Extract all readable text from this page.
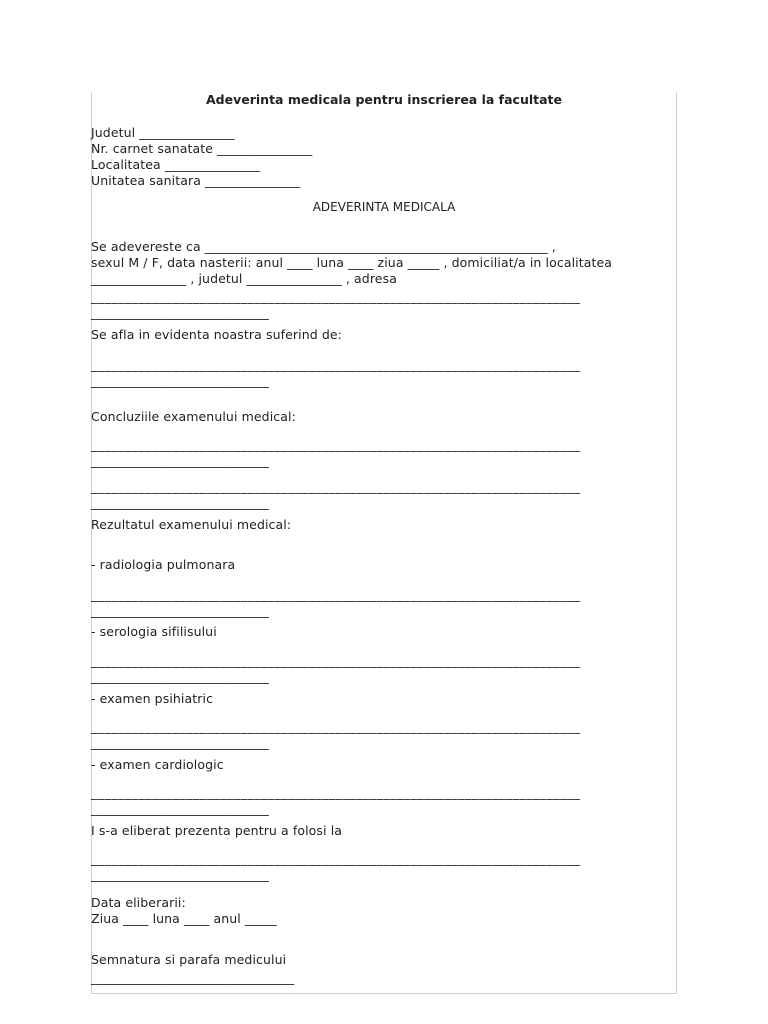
Adeverinta medicala pentru inscrierea la facultate
Judetul _______________
Nr. carnet sanatate _______________
Localitatea _______________
Unitatea sanitara _______________
ADEVERINTA MEDICALA
Se adevereste ca ______________________________________________________ ,
sexul M / F, data nasterii: anul ____ luna ____ ziua _____ , domiciliat/a in localitatea
_______________ , judetul _______________ , adresa
________________________________________________________________________
____________________________
Se afla in evidenta noastra suferind de:
________________________________________________________________________
____________________________
Concluziile examenului medical:
________________________________________________________________________
____________________________
________________________________________________________________________
____________________________
Rezultatul examenului medical:
- radiologia pulmonara
________________________________________________________________________
____________________________
- serologia sifilisului
________________________________________________________________________
____________________________
- examen psihiatric
________________________________________________________________________
____________________________
- examen cardiologic
________________________________________________________________________
____________________________
I s-a eliberat prezenta pentru a folosi la
________________________________________________________________________
____________________________
Data eliberarii:
Ziua ____ luna ____ anul _____
Semnatura si parafa medicului
________________________________
